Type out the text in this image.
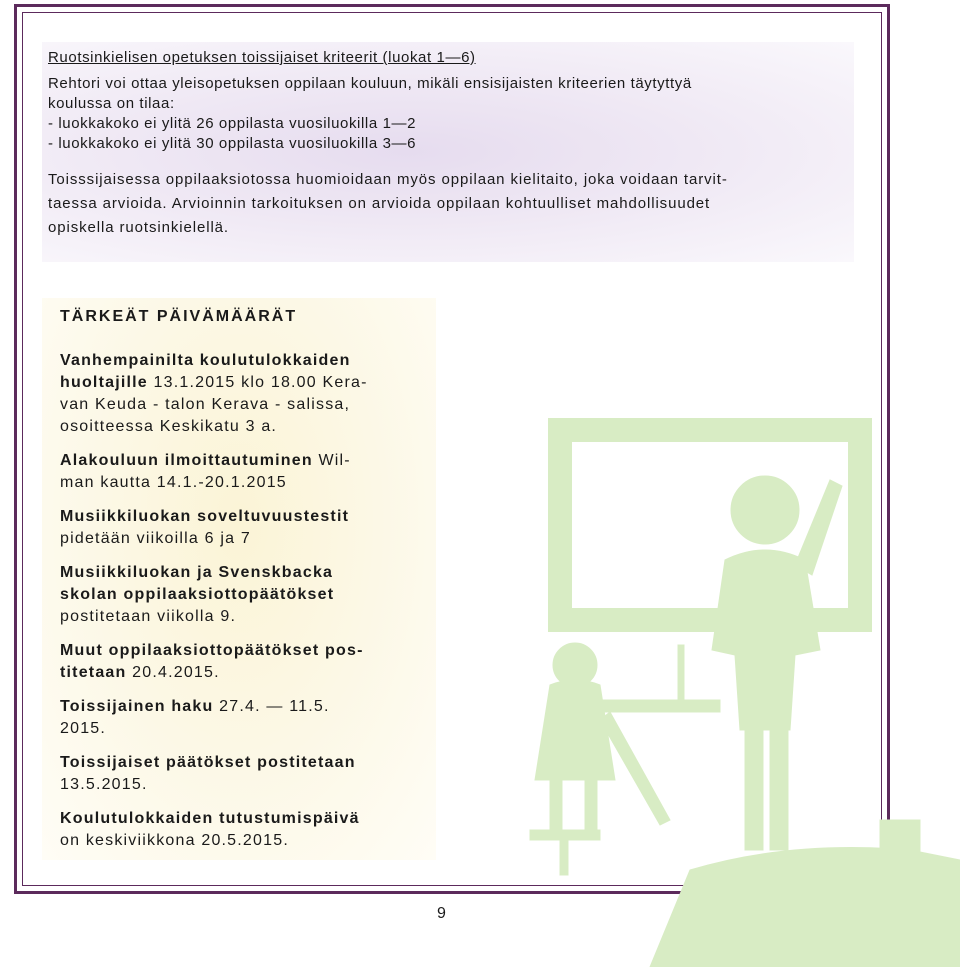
Ruotsinkielisen opetuksen toissijaiset kriteerit (luokat 1—6)

Rehtori voi ottaa yleisopetuksen oppilaan kouluun, mikäli ensisijaisten kriteerien täytyttyä

koulussa on tilaa:

- luokkakoko ei ylitä 26 oppilasta vuosiluokilla 1—2

- luokkakoko ei ylitä 30 oppilasta vuosiluokilla 3—6

Toisssijaisessa oppilaaksiotossa huomioidaan myös oppilaan kielitaito, joka voidaan tarvit-

taessa arvioida. Arvioinnin tarkoituksen on arvioida oppilaan kohtuulliset mahdollisuudet

opiskella ruotsinkielellä.

TÄRKEÄT PÄIVÄMÄÄRÄT

Vanhempainilta koulutulokkaiden
huoltajille 13.1.2015 klo 18.00 Kera-
van Keuda - talon Kerava - salissa,
osoitteessa Keskikatu 3 a.

Alakouluun ilmoittautuminen Wil-
man kautta 14.1.-20.1.2015

Musiikkiluokan soveltuvuustestit
pidetään viikoilla 6 ja 7

Musiikkiluokan ja Svenskbacka
skolan oppilaaksiottopäätökset
postitetaan viikolla 9.

Muut oppilaaksiottopäätökset pos-
titetaan 20.4.2015.

Toissijainen haku 27.4. — 11.5.
2015.

Toissijaiset päätökset postitetaan
13.5.2015.

Koulutulokkaiden tutustumispäivä
on keskiviikkona 20.5.2015.

9
